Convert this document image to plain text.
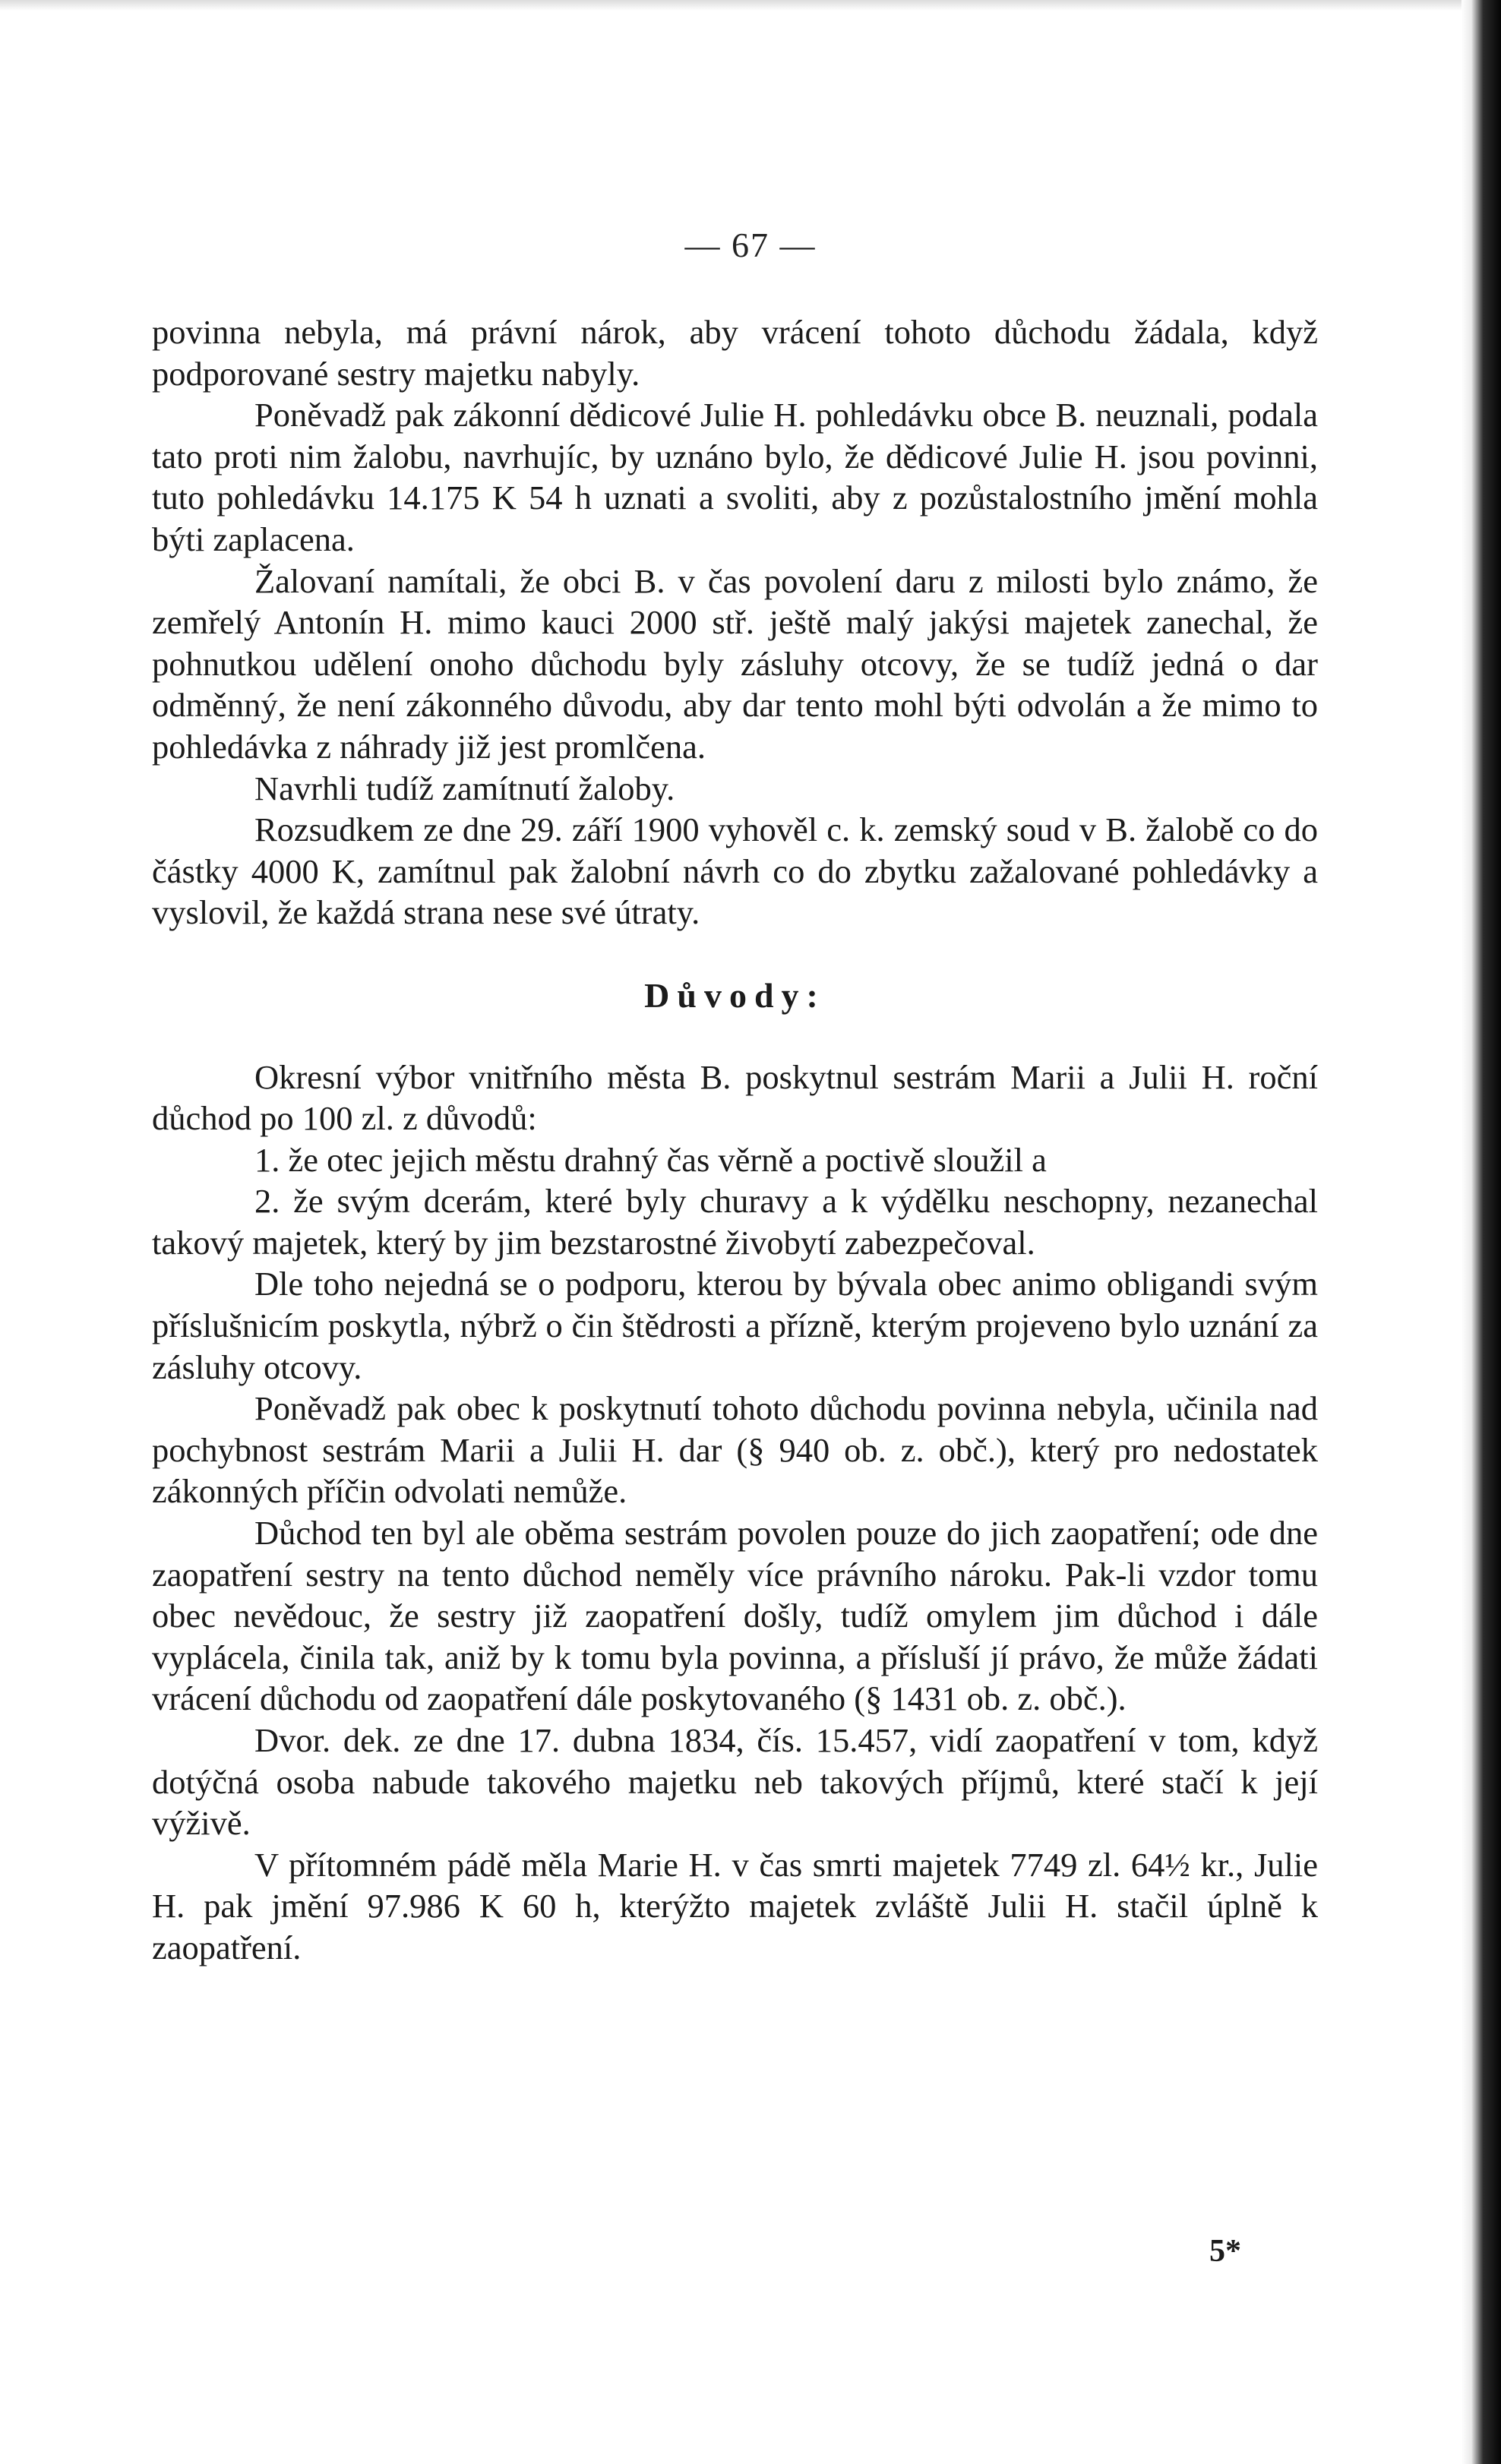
— 67 —

povinna nebyla, má právní nárok, aby vrácení tohoto důchodu žádala, když podporované sestry majetku nabyly.

Poněvadž pak zákonní dědicové Julie H. pohledávku obce B. neuznali, podala tato proti nim žalobu, navrhujíc, by uznáno bylo, že dědicové Julie H. jsou povinni, tuto pohledávku 14.175 K 54 h uznati a svoliti, aby z pozůstalostního jmění mohla býti zaplacena.

Žalovaní namítali, že obci B. v čas povolení daru z milosti bylo známo, že zemřelý Antonín H. mimo kauci 2000 stř. ještě malý jakýsi majetek zanechal, že pohnutkou udělení onoho důchodu byly zásluhy otcovy, že se tudíž jedná o dar odměnný, že není zákonného důvodu, aby dar tento mohl býti odvolán a že mimo to pohledávka z náhrady již jest promlčena.

Navrhli tudíž zamítnutí žaloby.

Rozsudkem ze dne 29. září 1900 vyhověl c. k. zemský soud v B. žalobě co do částky 4000 K, zamítnul pak žalobní návrh co do zbytku zažalované pohledávky a vyslovil, že každá strana nese své útraty.

Důvody:

Okresní výbor vnitřního města B. poskytnul sestrám Marii a Julii H. roční důchod po 100 zl. z důvodů:

1. že otec jejich městu drahný čas věrně a poctivě sloužil a

2. že svým dcerám, které byly churavy a k výdělku neschopny, nezanechal takový majetek, který by jim bezstarostné živobytí zabezpečoval.

Dle toho nejedná se o podporu, kterou by bývala obec animo obligandi svým příslušnicím poskytla, nýbrž o čin štědrosti a přízně, kterým projeveno bylo uznání za zásluhy otcovy.

Poněvadž pak obec k poskytnutí tohoto důchodu povinna nebyla, učinila nad pochybnost sestrám Marii a Julii H. dar (§ 940 ob. z. obč.), který pro nedostatek zákonných příčin odvolati nemůže.

Důchod ten byl ale oběma sestrám povolen pouze do jich zaopatření; ode dne zaopatření sestry na tento důchod neměly více právního nároku. Pak-li vzdor tomu obec nevědouc, že sestry již zaopatření došly, tudíž omylem jim důchod i dále vyplácela, činila tak, aniž by k tomu byla povinna, a přísluší jí právo, že může žádati vrácení důchodu od zaopatření dále poskytovaného (§ 1431 ob. z. obč.).

Dvor. dek. ze dne 17. dubna 1834, čís. 15.457, vidí zaopatření v tom, když dotýčná osoba nabude takového majetku neb takových příjmů, které stačí k její výživě.

V přítomném pádě měla Marie H. v čas smrti majetek 7749 zl. 64½ kr., Julie H. pak jmění 97.986 K 60 h, kterýžto majetek zvláště Julii H. stačil úplně k zaopatření.

5*
